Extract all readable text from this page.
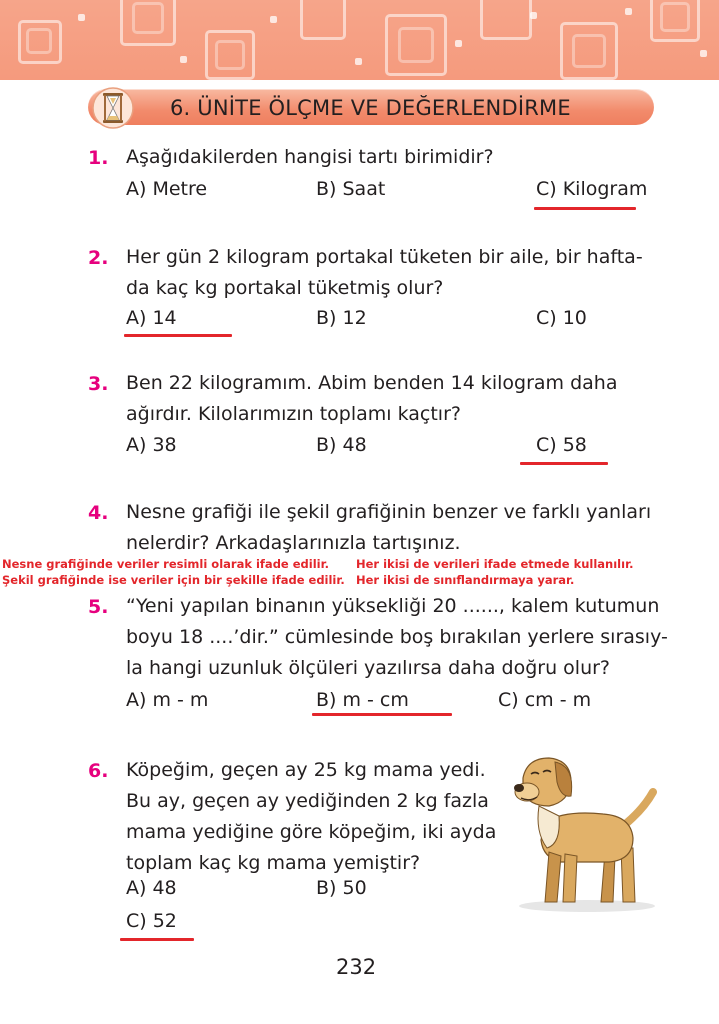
6. ÜNİTE ÖLÇME VE DEĞERLENDİRME
1. Aşağıdakilerden hangisi tartı birimidir?
A) Metre	B) Saat	C) Kilogram
2. Her gün 2 kilogram portakal tüketen bir aile, bir hafta-
da kaç kg portakal tüketmiş olur?
A) 14	B) 12	C) 10
3. Ben 22 kilogramım. Abim benden 14 kilogram daha
ağırdır. Kilolarımızın toplamı kaçtır?
A) 38	B) 48	C) 58
4. Nesne grafiği ile şekil grafiğinin benzer ve farklı yanları
nelerdir? Arkadaşlarınızla tartışınız.
Nesne grafiğinde veriler resimli olarak ifade edilir.
Şekil grafiğinde ise veriler için bir şekille ifade edilir.
Her ikisi de verileri ifade etmede kullanılır.
Her ikisi de sınıflandırmaya yarar.
5. “Yeni yapılan binanın yüksekliği 20 ......, kalem kutumun
boyu 18 ....’dir.” cümlesinde boş bırakılan yerlere sırasıy-
la hangi uzunluk ölçüleri yazılırsa daha doğru olur?
A) m - m	B) m - cm	C) cm - m
6. Köpeğim, geçen ay 25 kg mama yedi.
Bu ay, geçen ay yediğinden 2 kg fazla
mama yediğine göre köpeğim, iki ayda
toplam kaç kg mama yemiştir?
A) 48	B) 50
C) 52
232
